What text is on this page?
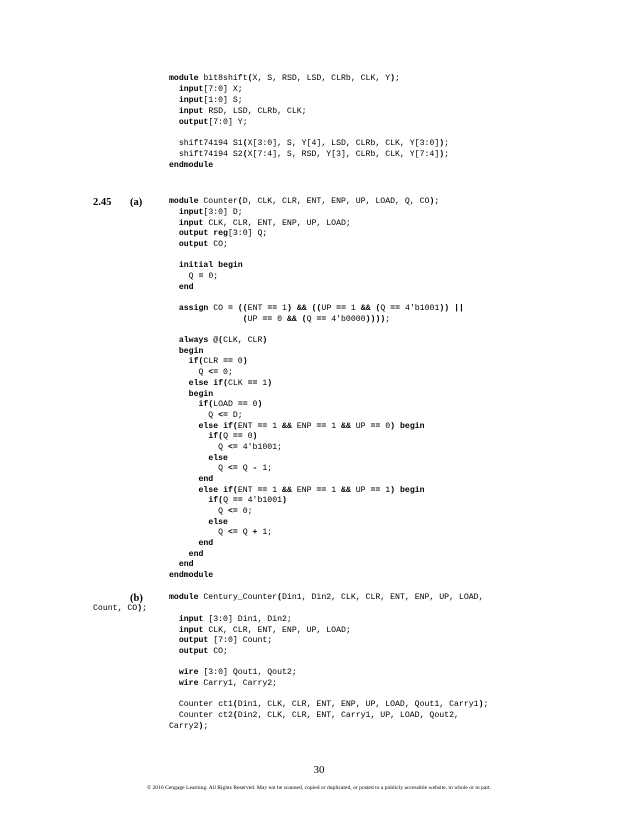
module bit8shift(X, S, RSD, LSD, CLRb, CLK, Y);
input[7:0] X;
input[1:0] S;
input RSD, LSD, CLRb, CLK;
output[7:0] Y;
shift74194 S1(X[3:0], S, Y[4], LSD, CLRb, CLK, Y[3:0]);
shift74194 S2(X[7:4], S, RSD, Y[3], CLRb, CLK, Y[7:4]);
endmodule
module Counter(D, CLK, CLR, ENT, ENP, UP, LOAD, Q, CO);
input[3:0] D;
input CLK, CLR, ENT, ENP, UP, LOAD;
output reg[3:0] Q;
output CO;
initial begin
Q = 0;
end
assign CO = ((ENT == 1) && ((UP == 1 && (Q == 4'b1001)) ||
(UP == 0 && (Q == 4'b0000))));
always @(CLK, CLR)
begin
if(CLR == 0)
Q <= 0;
else if(CLK == 1)
begin
if(LOAD == 0)
Q <= D;
else if(ENT == 1 && ENP == 1 && UP == 0) begin
if(Q == 0)
Q <= 4'b1001;
else
Q <= Q - 1;
end
else if(ENT == 1 && ENP == 1 && UP == 1) begin
if(Q == 4'b1001)
Q <= 0;
else
Q <= Q + 1;
end
end
end
endmodule
module Century_Counter(Din1, Din2, CLK, CLR, ENT, ENP, UP, LOAD,
Count, CO);
input [3:0] Din1, Din2;
input CLK, CLR, ENT, ENP, UP, LOAD;
output [7:0] Count;
output CO;
wire [3:0] Qout1, Qout2;
wire Carry1, Carry2;
Counter ct1(Din1, CLK, CLR, ENT, ENP, UP, LOAD, Qout1, Carry1);
Counter ct2(Din2, CLK, CLR, ENT, Carry1, UP, LOAD, Qout2,
Carry2);
2.45 (a)
(b)
30
© 2016 Cengage Learning. All Rights Reserved. May not be scanned, copied or duplicated, or posted to a publicly accessible website, in whole or in part.
